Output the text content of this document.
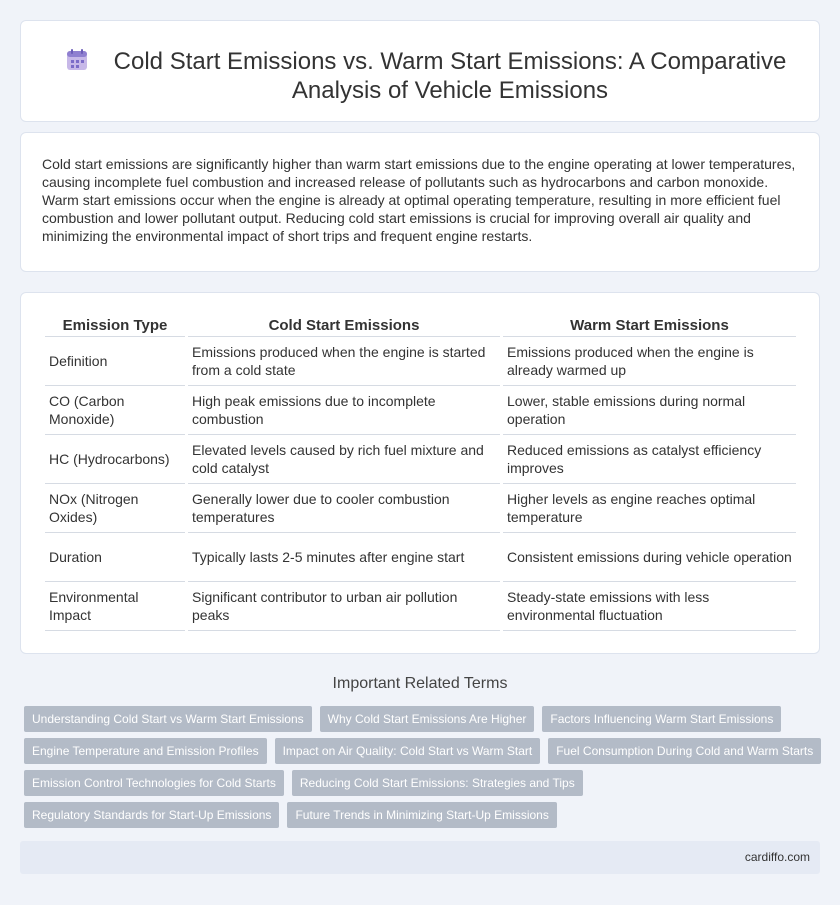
Cold Start Emissions vs. Warm Start Emissions: A Comparative Analysis of Vehicle Emissions

Cold start emissions are significantly higher than warm start emissions due to the engine operating at lower temperatures, causing incomplete fuel combustion and increased release of pollutants such as hydrocarbons and carbon monoxide. Warm start emissions occur when the engine is already at optimal operating temperature, resulting in more efficient fuel combustion and lower pollutant output. Reducing cold start emissions is crucial for improving overall air quality and minimizing the environmental impact of short trips and frequent engine restarts.

Emission Type	Cold Start Emissions	Warm Start Emissions
Definition	Emissions produced when the engine is started from a cold state	Emissions produced when the engine is already warmed up
CO (Carbon Monoxide)	High peak emissions due to incomplete combustion	Lower, stable emissions during normal operation
HC (Hydrocarbons)	Elevated levels caused by rich fuel mixture and cold catalyst	Reduced emissions as catalyst efficiency improves
NOx (Nitrogen Oxides)	Generally lower due to cooler combustion temperatures	Higher levels as engine reaches optimal temperature
Duration	Typically lasts 2-5 minutes after engine start	Consistent emissions during vehicle operation
Environmental Impact	Significant contributor to urban air pollution peaks	Steady-state emissions with less environmental fluctuation
Important Related Terms
Understanding Cold Start vs Warm Start Emissions	Why Cold Start Emissions Are Higher	Factors Influencing Warm Start Emissions
Engine Temperature and Emission Profiles	Impact on Air Quality: Cold Start vs Warm Start	Fuel Consumption During Cold and Warm Starts
Emission Control Technologies for Cold Starts	Reducing Cold Start Emissions: Strategies and Tips
Regulatory Standards for Start-Up Emissions	Future Trends in Minimizing Start-Up Emissions
cardiffo.com
